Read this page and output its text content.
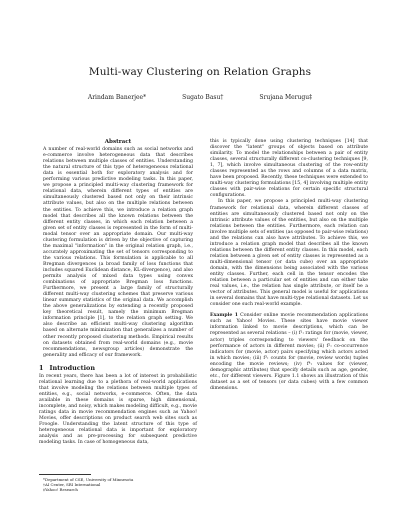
Multi-way Clustering on Relation Graphs
Arindam Banerjee*	Sugato Basu†	Srujana Merugu‡
Abstract

A number of real-world domains such as social networks and e-commerce involve heterogeneous data that describes relations between multiple classes of entities. Understanding the natural structure of this type of heterogeneous relational data is essential both for exploratory analysis and for performing various predictive modeling tasks. In this paper, we propose a principled multi-way clustering framework for relational data, wherein different types of entities are simultaneously clustered based not only on their intrinsic attribute values, but also on the multiple relations between the entities. To achieve this, we introduce a relation graph model that describes all the known relations between the different entity classes, in which each relation between a given set of entity classes is represented in the form of multi-modal tensor over an appropriate domain. Our multi-way clustering formulation is driven by the objective of capturing the maximal "information" in the original relation graph, i.e., accurately approximating the set of tensors corresponding to the various relations. This formulation is applicable to all Bregman divergences (a broad family of loss functions that includes squared Euclidean distance, KL-divergence), and also permits analysis of mixed data types using convex combinations of appropriate Bregman loss functions. Furthermore, we present a large family of structurally different multi-way clustering schemes that preserve various linear summary statistics of the original data. We accomplish the above generalizations by extending a recently proposed key theoretical result, namely the minimum Bregman information principle [1], to the relation graph setting. We also describe an efficient multi-way clustering algorithm based on alternate minimization that generalizes a number of other recently proposed clustering methods. Empirical results on datasets obtained from real-world domains (e.g., movie recommendations, newsgroup articles) demonstrate the generality and efficacy of our framework.

1 Introduction

In recent years, there has been a lot of interest in probabilistic relational learning due to a plethora of real-world applications that involve modeling the relations between multiple types of entities, e.g., social networks, e-commerce. Often, the data available in these domains is sparse, high dimensional, incomplete, and noisy, which makes modeling difficult, e.g., movie ratings data in movie recommendation engines such as Yahoo! Movies, offer descriptions on product search web sites such as Froogle. Understanding the latent structure of this type of heterogeneous relational data is important for exploratory analysis and as pre-processing for subsequent predictive modeling tasks. In case of homogeneous data,

*Department of CSE, University of Minnesota
†AI Center, SRI International
‡Yahoo! Research

this is typically done using clustering techniques [14] that discover the "latent" groups of objects based on attribute similarity. To model the relationships between a pair of entity classes, several structurally different co-clustering techniques [9, 1, 7], which involve simultaneous clustering of the row-entity classes represented as the rows and columns of a data matrix, have been proposed. Recently, these techniques were extended to multi-way clustering formulations [15, 4] involving multiple entity classes with pair-wise relations for certain specific structural configurations.

In this paper, we propose a principled multi-way clustering framework for relational data, wherein different classes of entities are simultaneously clustered based not only on the intrinsic attribute values of the entities, but also on the multiple relations between the entities. Furthermore, each relation can involve multiple sets of entities (as opposed to pair-wise relations) and the relations can also have attributes. To achieve this, we introduce a relation graph model that describes all the known relations between the different entity classes. In this model, each relation between a given set of entity classes is represented as a multi-dimensional tensor (or data cube) over an appropriate domain, with the dimensions being associated with the various entity classes. Further, each cell in the tensor encodes the relation between a particular set of entities and can either take real values, i.e., the relation has single attribute, or itself be a vector of attributes. This general model is useful for applications in several domains that have multi-type relational datasets. Let us consider one such real-world example.

Example 1 Consider online movie recommendation applications such as Yahoo! Movies. These sites have movie viewer information linked to movie descriptions, which can be represented as several relations – (i) f¹: ratings for (movie, viewer, actor) triples corresponding to viewers' feedback on the performance of actors in different movies; (ii) f²: co-occurrence indicators for (movie, actor) pairs specifying which actors acted in which movies; (iii) f³: counts for (movie, review words) tuples encoding the movie reviews; (iv) f⁴: values for (viewer, demographic attributes) that specify details such as age, gender, etc., for different viewers. Figure 1.1 shows an illustration of this dataset as a set of tensors (or data cubes) with a few common dimensions.
